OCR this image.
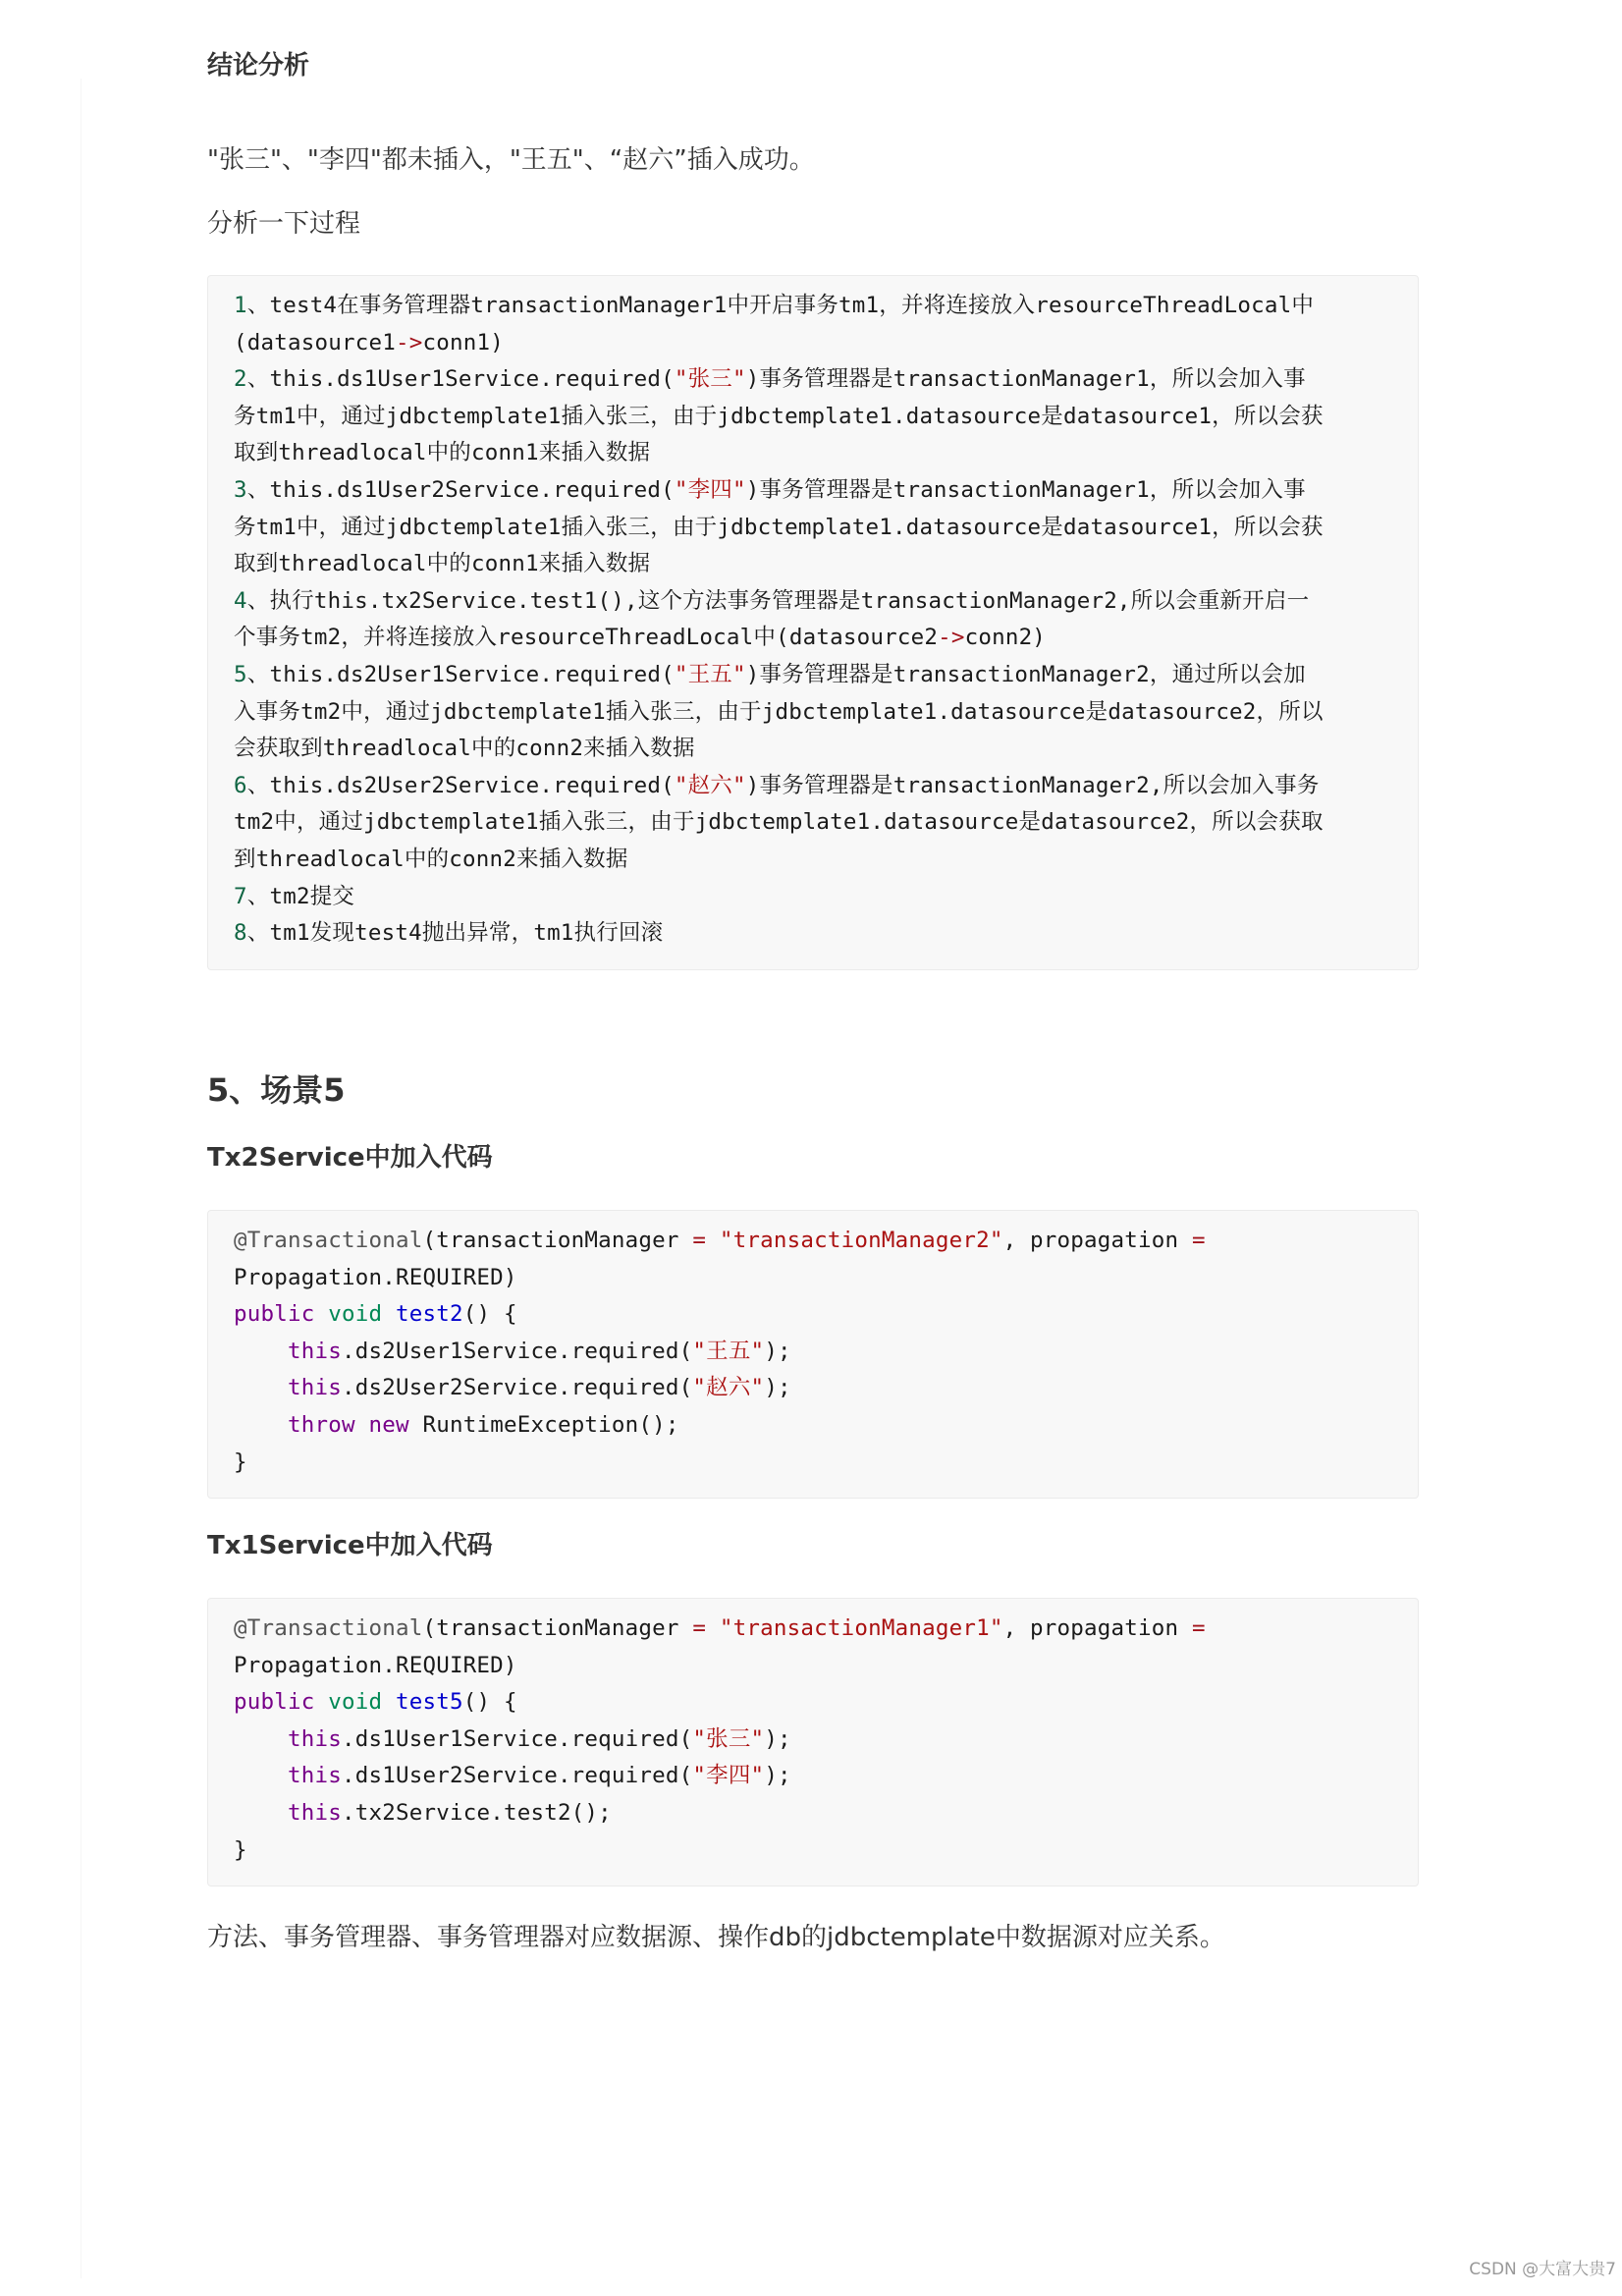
结论分析
"张三"、"李四"都未插入，"王五"、“赵六”插入成功。
分析一下过程
1、test4在事务管理器transactionManager1中开启事务tm1，并将连接放入resourceThreadLocal中
(datasource1->conn1)
2、this.ds1User1Service.required("张三")事务管理器是transactionManager1，所以会加入事
务tm1中，通过jdbctemplate1插入张三，由于jdbctemplate1.datasource是datasource1，所以会获
取到threadlocal中的conn1来插入数据
3、this.ds1User2Service.required("李四")事务管理器是transactionManager1，所以会加入事
务tm1中，通过jdbctemplate1插入张三，由于jdbctemplate1.datasource是datasource1，所以会获
取到threadlocal中的conn1来插入数据
4、执行this.tx2Service.test1(),这个方法事务管理器是transactionManager2,所以会重新开启一
个事务tm2，并将连接放入resourceThreadLocal中(datasource2->conn2)
5、this.ds2User1Service.required("王五")事务管理器是transactionManager2，通过所以会加
入事务tm2中，通过jdbctemplate1插入张三，由于jdbctemplate1.datasource是datasource2，所以
会获取到threadlocal中的conn2来插入数据
6、this.ds2User2Service.required("赵六")事务管理器是transactionManager2,所以会加入事务
tm2中，通过jdbctemplate1插入张三，由于jdbctemplate1.datasource是datasource2，所以会获取
到threadlocal中的conn2来插入数据
7、tm2提交
8、tm1发现test4抛出异常，tm1执行回滚
5、场景5
Tx2Service中加入代码
@Transactional(transactionManager = "transactionManager2", propagation =
Propagation.REQUIRED)
public void test2() {
this.ds2User1Service.required("王五");
this.ds2User2Service.required("赵六");
throw new RuntimeException();
}
Tx1Service中加入代码
@Transactional(transactionManager = "transactionManager1", propagation =
Propagation.REQUIRED)
public void test5() {
this.ds1User1Service.required("张三");
this.ds1User2Service.required("李四");
this.tx2Service.test2();
}
方法、事务管理器、事务管理器对应数据源、操作db的jdbctemplate中数据源对应关系。
CSDN @大富大贵7
